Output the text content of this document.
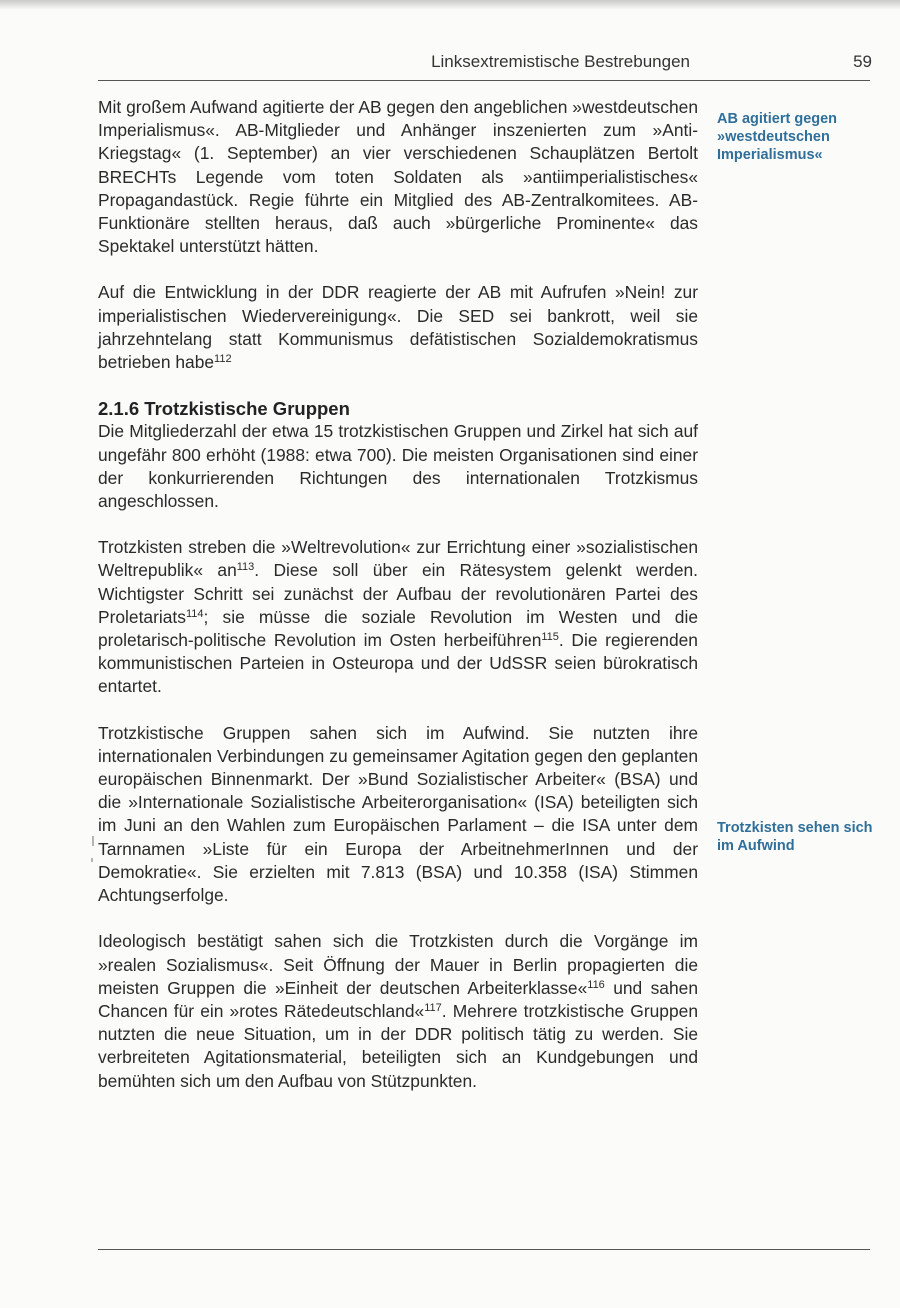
Linksextremistische Bestrebungen	59
AB agitiert gegen »westdeutschen Imperialismus«
Trotzkisten sehen sich im Aufwind

Mit großem Aufwand agitierte der AB gegen den angeblichen »westdeutschen Imperialismus«. AB-Mitglieder und Anhänger inszenierten zum »Anti-Kriegstag« (1. September) an vier verschiedenen Schauplätzen Bertolt BRECHTs Legende vom toten Soldaten als »antiimperialistisches« Propagandastück. Regie führte ein Mitglied des AB-Zentralkomitees. AB-Funktionäre stellten heraus, daß auch »bürgerliche Prominente« das Spektakel unterstützt hätten.

Auf die Entwicklung in der DDR reagierte der AB mit Aufrufen »Nein! zur imperialistischen Wiedervereinigung«. Die SED sei bankrott, weil sie jahrzehntelang statt Kommunismus defätistischen Sozialdemokratismus betrieben habe$^{112}$

2.1.6 Trotzkistische Gruppen

Die Mitgliederzahl der etwa 15 trotzkistischen Gruppen und Zirkel hat sich auf ungefähr 800 erhöht (1988: etwa 700). Die meisten Organisationen sind einer der konkurrierenden Richtungen des internationalen Trotzkismus angeschlossen.

Trotzkisten streben die »Weltrevolution« zur Errichtung einer »sozialistischen Weltrepublik« $an^{113}$. Diese soll über ein Rätesystem gelenkt werden. Wichtigster Schritt sei zunächst der Aufbau der revolutionären Partei des Proletariats$^{114}$; sie müsse die soziale Revolution im Westen und die proletarisch-politische Revolution im Osten herbeiführen$^{115}$. Die regierenden kommunistischen Parteien in Osteuropa und der UdSSR seien bürokratisch entartet.

Trotzkistische Gruppen sahen sich im Aufwind. Sie nutzten ihre internationalen Verbindungen zu gemeinsamer Agitation gegen den geplanten europäischen Binnenmarkt. Der »Bund Sozialistischer Arbeiter« (BSA) und die »Internationale Sozialistische Arbeiterorganisation« (ISA) beteiligten sich im Juni an den Wahlen zum Europäischen Parlament – die ISA unter dem Tarnnamen »Liste für ein Europa der ArbeitnehmerInnen und der Demokratie«. Sie erzielten mit 7.813 (BSA) und 10.358 (ISA) Stimmen Achtungserfolge.

Ideologisch bestätigt sahen sich die Trotzkisten durch die Vorgänge im »realen Sozialismus«. Seit Öffnung der Mauer in Berlin propagierten die meisten Gruppen die »Einheit der deutschen Arbeiterklasse«$^{116}$ und sahen Chancen für ein »rotes Rätedeutschland«$^{117}$. Mehrere trotzkistische Gruppen nutzten die neue Situation, um in der DDR politisch tätig zu werden. Sie verbreiteten Agitationsmaterial, beteiligten sich an Kundgebungen und bemühten sich um den Aufbau von Stützpunkten.
